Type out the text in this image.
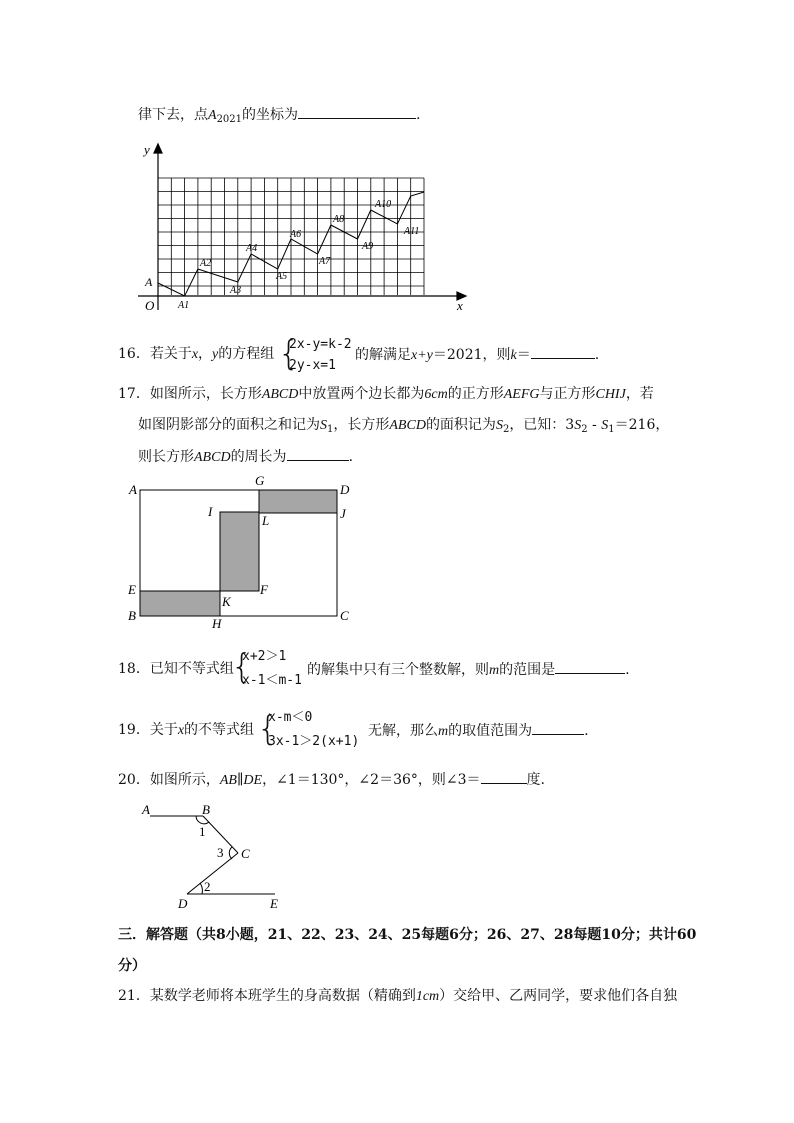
律下去，点$A_{2021}$的坐标为	.
y
x
O
A
A1
A2
A3
A4
A5
A6
A7
A8
A9
A10
A11
16．若关于x，y的方程组 {
2x-y=k-2
2y-x=1
的解满足x+y＝2021，则k＝	.
17．如图所示，长方形ABCD中放置两个边长都为6cm的正方形AEFG与正方形CHIJ，若
如图阴影部分的面积之和记为$S_1$，长方形ABCD的面积记为$S_2$，已知：$3S_2 - S_1=216$，
则长方形ABCD的周长为	.
A
G
D
I
L	J
E	F
B
K
H
C
18．已知不等式组
{
x+2＞1
x-1＜m-1
的解集中只有三个整数解，则m的范围是	.
19．关于x的不等式组 {
x-m＜0
3x-1＞2(x+1)
无解，那么m的取值范围为	.
20．如图所示，AB∥DE，∠1＝130°，∠2＝36°，则∠3＝	度.
A	B
1
3 C
D
2
E
三．解答题（共8小题，21、22、23、24、25每题6分；26、27、28每题10分；共计60
分）
21．某数学老师将本班学生的身高数据（精确到1cm）交给甲、乙两同学，要求他们各自独
